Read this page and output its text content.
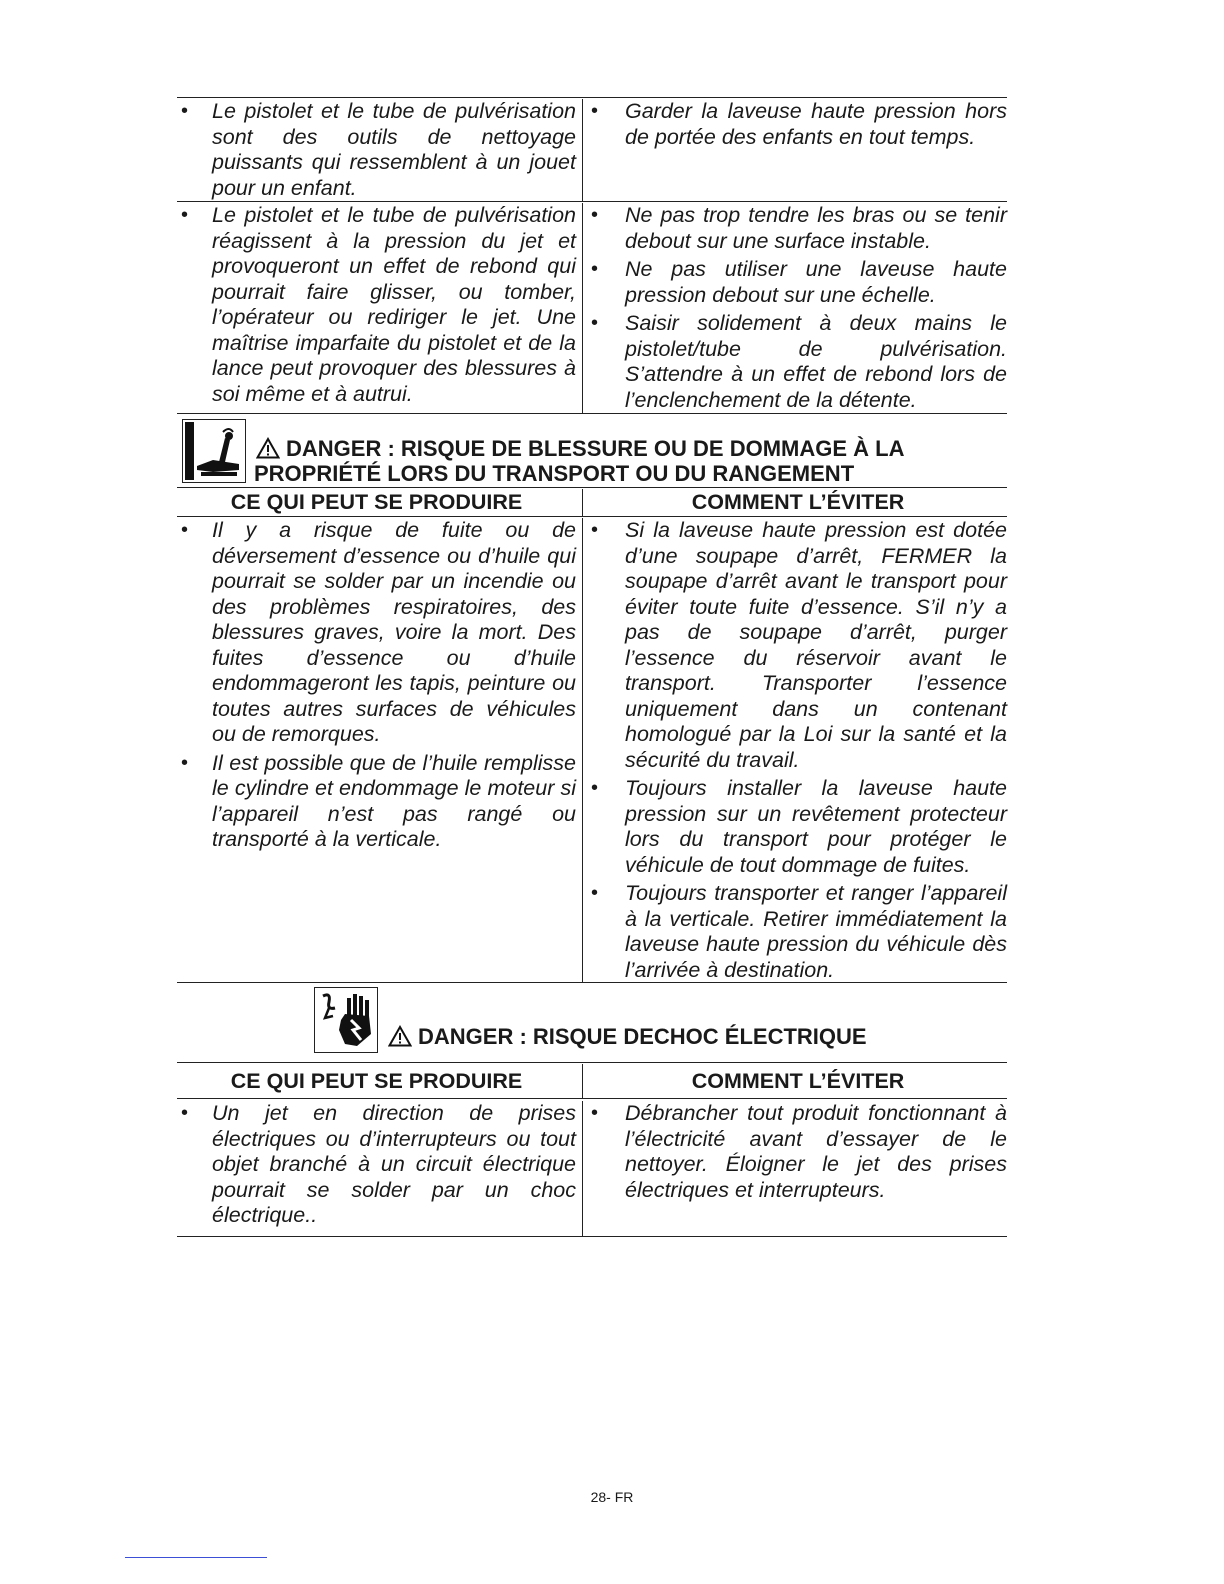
• Le pistolet et le tube de pulvérisation sont des outils de nettoyage puissants qui ressemblent à un jouet pour un enfant.
• Garder la laveuse haute pression hors de portée des enfants en tout temps.
• Le pistolet et le tube de pulvérisation réagissent à la pression du jet et provoqueront un effet de rebond qui pourrait faire glisser, ou tomber, l’opérateur ou rediriger le jet. Une maîtrise imparfaite du pistolet et de la lance peut provoquer des blessures à soi même et à autrui.
• Ne pas trop tendre les bras ou se tenir debout sur une surface instable.
• Ne pas utiliser une laveuse haute pression debout sur une échelle.
• Saisir solidement à deux mains le pistolet/tube de pulvérisation. S’attendre à un effet de rebond lors de l’enclenchement de la détente.
DANGER : RISQUE DE BLESSURE OU DE DOMMAGE À LA
PROPRIÉTÉ LORS DU TRANSPORT OU DU RANGEMENT
CE QUI PEUT SE PRODUIRE	COMMENT L’ÉVITER
• Il y a risque de fuite ou de déversement d’essence ou d’huile qui pourrait se solder par un incendie ou des problèmes respiratoires, des blessures graves, voire la mort. Des fuites d’essence ou d’huile endommageront les tapis, peinture ou toutes autres surfaces de véhicules ou de remorques.
• Il est possible que de l’huile remplisse le cylindre et endommage le moteur si l’appareil n’est pas rangé ou transporté à la verticale.
• Si la laveuse haute pression est dotée d’une soupape d’arrêt, FERMER la soupape d’arrêt avant le transport pour éviter toute fuite d’essence. S’il n’y a pas de soupape d’arrêt, purger l’essence du réservoir avant le transport. Transporter l’essence uniquement dans un contenant homologué par la Loi sur la santé et la sécurité du travail.
• Toujours installer la laveuse haute pression sur un revêtement protecteur lors du transport pour protéger le véhicule de tout dommage de fuites.
• Toujours transporter et ranger l’appareil à la verticale. Retirer immédiatement la laveuse haute pression du véhicule dès l’arrivée à destination.
DANGER : RISQUE DECHOC ÉLECTRIQUE
CE QUI PEUT SE PRODUIRE	COMMENT L’ÉVITER
• Un jet en direction de prises électriques ou d’interrupteurs ou tout objet branché à un circuit électrique pourrait se solder par un choc électrique..
• Débrancher tout produit fonctionnant à l’électricité avant d’essayer de le nettoyer. Éloigner le jet des prises électriques et interrupteurs.
28- FR
